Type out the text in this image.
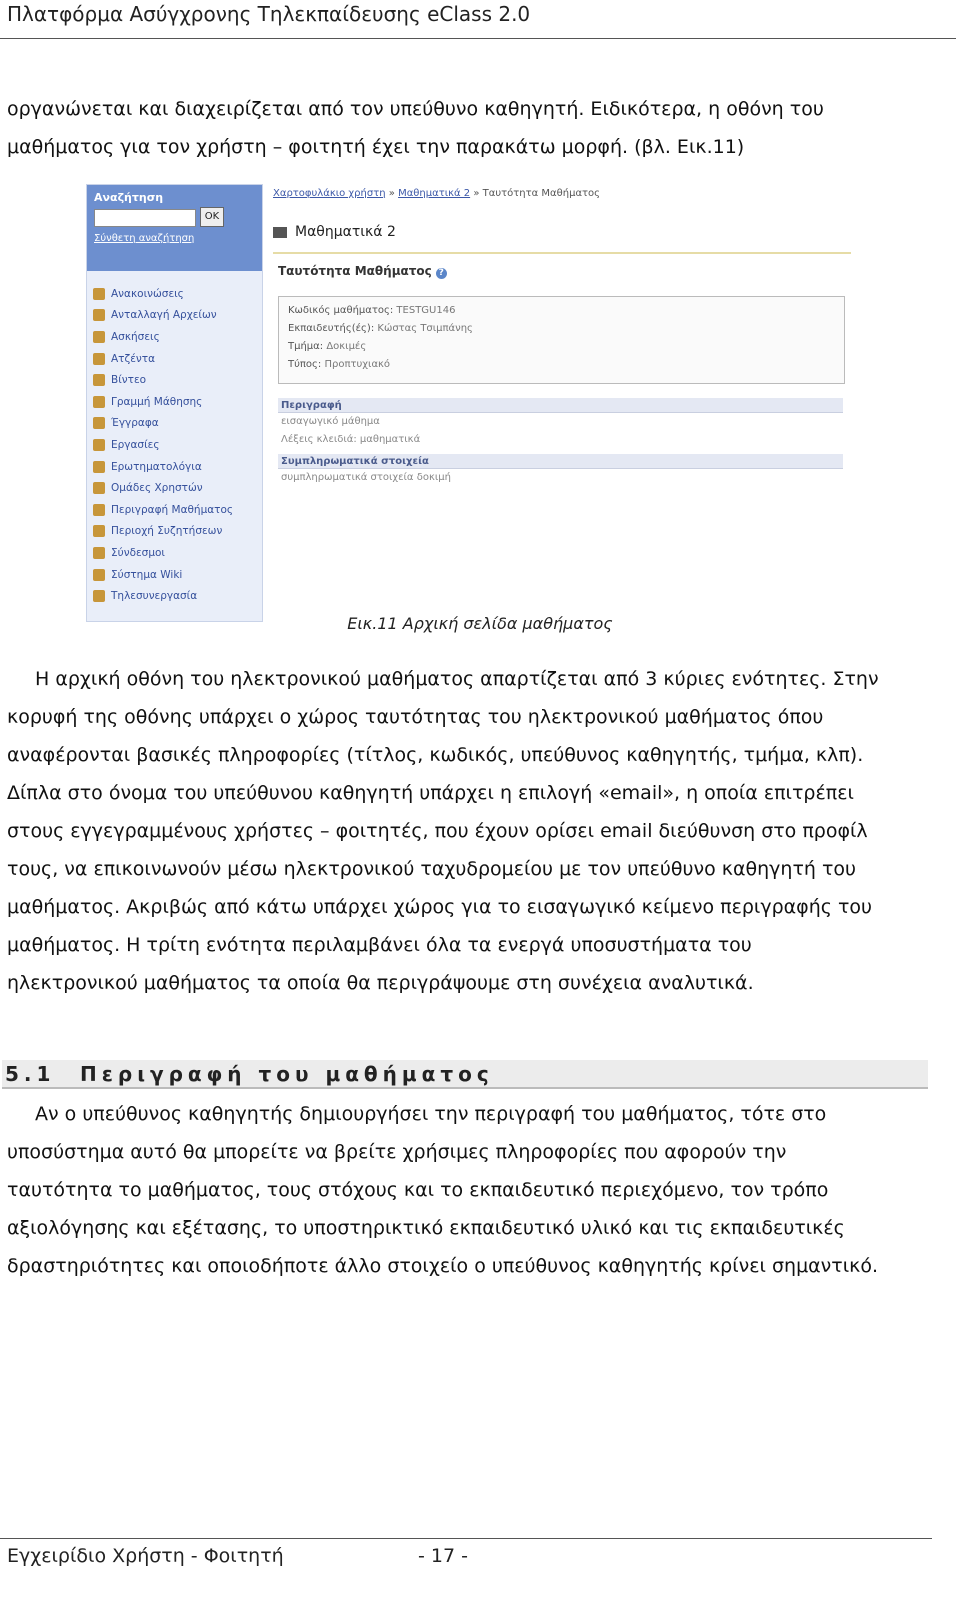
Πλατφόρμα Ασύγχρονης Τηλεκπαίδευσης eClass 2.0
οργανώνεται και διαχειρίζεται από τον υπεύθυνο καθηγητή. Ειδικότερα, η οθόνη του
μαθήματος για τον χρήστη – φοιτητή έχει την παρακάτω μορφή. (βλ. Εικ.11)
Αναζήτηση
OK
Σύνθετη αναζήτηση
Ανακοινώσεις
Ανταλλαγή Αρχείων
Ασκήσεις
Ατζέντα
Βίντεο
Γραμμή Μάθησης
Έγγραφα
Εργασίες
Ερωτηματολόγια
Ομάδες Χρηστών
Περιγραφή Μαθήματος
Περιοχή Συζητήσεων
Σύνδεσμοι
Σύστημα Wiki
Τηλεσυνεργασία
Χαρτοφυλάκιο χρήστη » Μαθηματικά 2 » Ταυτότητα Μαθήματος
Μαθηματικά 2
Ταυτότητα Μαθήματος ?
Κωδικός μαθήματος: TESTGU146
Εκπαιδευτής(ές): Κώστας Τσιμπάνης
Τμήμα: Δοκιμές
Τύπος: Προπτυχιακό
Περιγραφή
εισαγωγικό μάθημα
Λέξεις κλειδιά: μαθηματικά
Συμπληρωματικά στοιχεία
συμπληρωματικά στοιχεία δοκιμή
Εικ.11 Αρχική σελίδα μαθήματος
Η αρχική οθόνη του ηλεκτρονικού μαθήματος απαρτίζεται από 3 κύριες ενότητες. Στην
κορυφή της οθόνης υπάρχει ο χώρος ταυτότητας του ηλεκτρονικού μαθήματος όπου
αναφέρονται βασικές πληροφορίες (τίτλος, κωδικός, υπεύθυνος καθηγητής, τμήμα, κλπ).
Δίπλα στο όνομα του υπεύθυνου καθηγητή υπάρχει η επιλογή «email», η οποία επιτρέπει
στους εγγεγραμμένους χρήστες – φοιτητές, που έχουν ορίσει email διεύθυνση στο προφίλ
τους, να επικοινωνούν μέσω ηλεκτρονικού ταχυδρομείου με τον υπεύθυνο καθηγητή του
μαθήματος. Ακριβώς από κάτω υπάρχει χώρος για το εισαγωγικό κείμενο περιγραφής του
μαθήματος. Η τρίτη ενότητα περιλαμβάνει όλα τα ενεργά υποσυστήματα του
ηλεκτρονικού μαθήματος τα οποία θα περιγράψουμε στη συνέχεια αναλυτικά.
5.1 Περιγραφή του μαθήματος
Αν ο υπεύθυνος καθηγητής δημιουργήσει την περιγραφή του μαθήματος, τότε στο
υποσύστημα αυτό θα μπορείτε να βρείτε χρήσιμες πληροφορίες που αφορούν την
ταυτότητα το μαθήματος, τους στόχους και το εκπαιδευτικό περιεχόμενο, τον τρόπο
αξιολόγησης και εξέτασης, το υποστηρικτικό εκπαιδευτικό υλικό και τις εκπαιδευτικές
δραστηριότητες και οποιοδήποτε άλλο στοιχείο ο υπεύθυνος καθηγητής κρίνει σημαντικό.
Εγχειρίδιο Χρήστη - Φοιτητή	- 17 -
